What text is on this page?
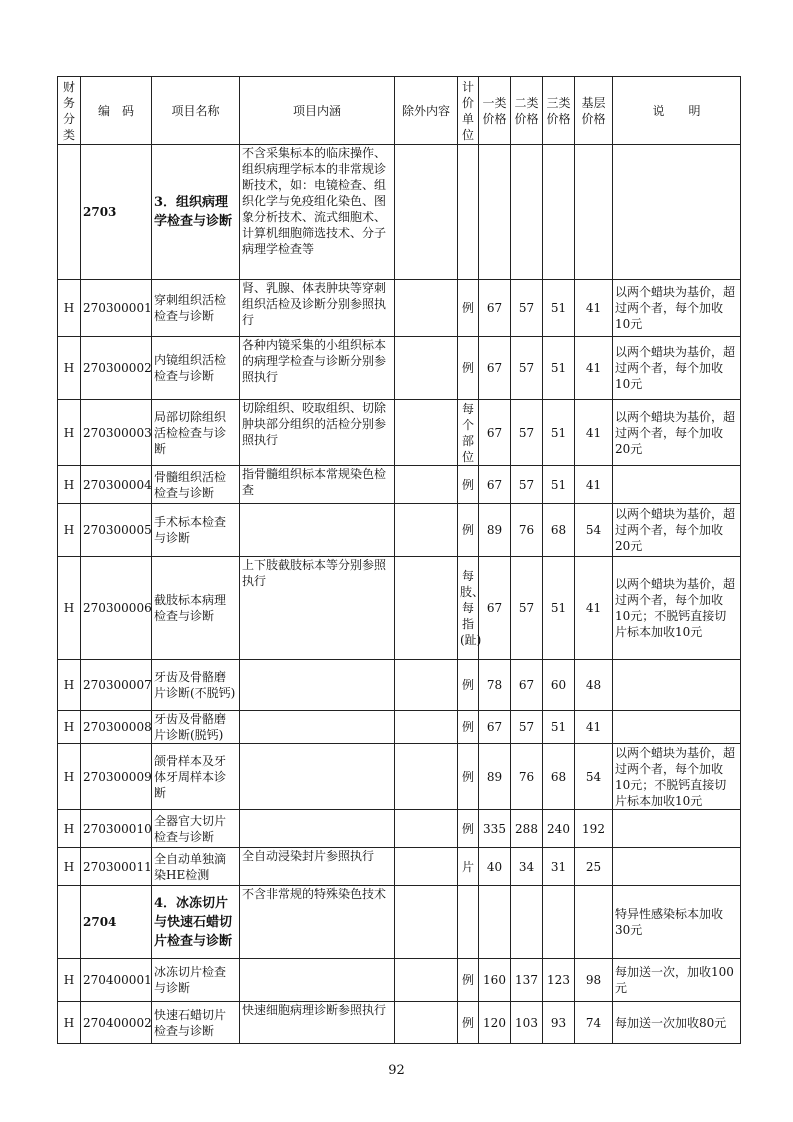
财务分类	编　码	项目名称	项目内涵	除外内容	计价单位	一类价格	二类价格	三类价格	基层价格	说　　明
	2703	3．组织病理学检查与诊断	不含采集标本的临床操作、组织病理学标本的非常规诊断技术，如：电镜检查、组织化学与免疫组化染色、图象分析技术、流式细胞术、计算机细胞筛选技术、分子病理学检查等							
H	270300001	穿刺组织活检检查与诊断	肾、乳腺、体表肿块等穿刺组织活检及诊断分别参照执行		例	67	57	51	41	以两个蜡块为基价，超过两个者，每个加收10元
H	270300002	内镜组织活检检查与诊断	各种内镜采集的小组织标本的病理学检查与诊断分别参照执行		例	67	57	51	41	以两个蜡块为基价，超过两个者，每个加收10元
H	270300003	局部切除组织活检检查与诊断	切除组织、咬取组织、切除肿块部分组织的活检分别参照执行		每个部位	67	57	51	41	以两个蜡块为基价，超过两个者，每个加收20元
H	270300004	骨髓组织活检检查与诊断	指骨髓组织标本常规染色检查		例	67	57	51	41	
H	270300005	手术标本检查与诊断			例	89	76	68	54	以两个蜡块为基价，超过两个者，每个加收20元
H	270300006	截肢标本病理检查与诊断	上下肢截肢标本等分别参照执行		每肢、每指(趾)	67	57	51	41	以两个蜡块为基价，超过两个者，每个加收10元；不脱钙直接切片标本加收10元
H	270300007	牙齿及骨骼磨片诊断(不脱钙)			例	78	67	60	48	
H	270300008	牙齿及骨骼磨片诊断(脱钙)			例	67	57	51	41	
H	270300009	颌骨样本及牙体牙周样本诊断			例	89	76	68	54	以两个蜡块为基价，超过两个者，每个加收10元；不脱钙直接切片标本加收10元
H	270300010	全器官大切片检查与诊断			例	335	288	240	192	
H	270300011	全自动单独滴染HE检测	全自动浸染封片参照执行		片	40	34	31	25	
	2704	4．冰冻切片与快速石蜡切片检查与诊断	不含非常规的特殊染色技术							特异性感染标本加收30元
H	270400001	冰冻切片检查与诊断			例	160	137	123	98	每加送一次，加收100元
H	270400002	快速石蜡切片检查与诊断	快速细胞病理诊断参照执行		例	120	103	93	74	每加送一次加收80元
92
